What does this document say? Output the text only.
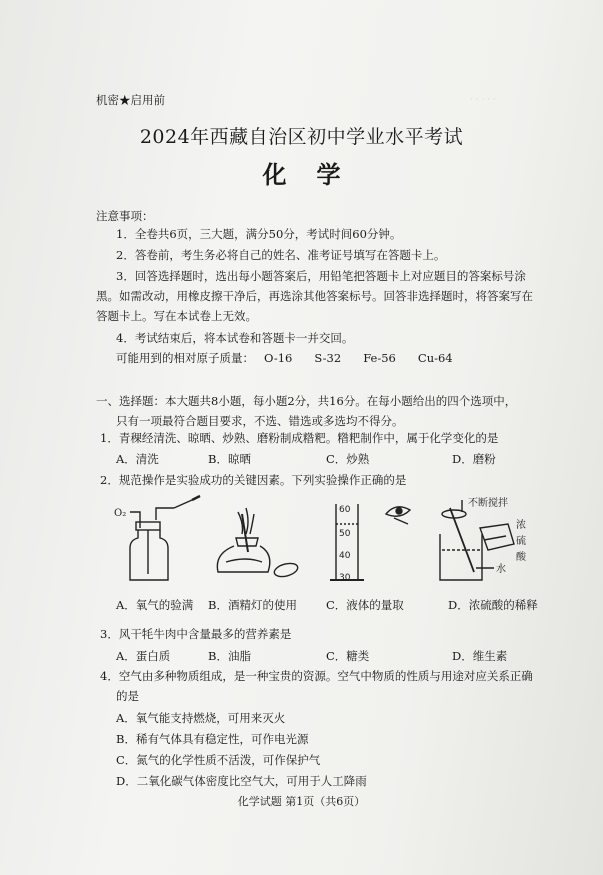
· · · · ·
机密★启用前
2024年西藏自治区初中学业水平考试
化学
注意事项：
1．全卷共6页，三大题，满分50分，考试时间60分钟。
2．答卷前，考生务必将自己的姓名、准考证号填写在答题卡上。
3．回答选择题时，选出每小题答案后，用铅笔把答题卡上对应题目的答案标号涂
黑。如需改动，用橡皮擦干净后，再选涂其他答案标号。回答非选择题时，将答案写在
答题卡上。写在本试卷上无效。
4．考试结束后，将本试卷和答题卡一并交回。
可能用到的相对原子质量： O-16 S-32 Fe-56 Cu-64
一、选择题：本大题共8小题，每小题2分，共16分。在每小题给出的四个选项中，
只有一项最符合题目要求，不选、错选或多选均不得分。
1．青稞经清洗、晾晒、炒熟、磨粉制成糌粑。糌粑制作中，属于化学变化的是
A．清洗	B．晾晒	C．炒熟	D．磨粉
2．规范操作是实验成功的关键因素。下列实验操作正确的是
O₂	60
50
40
30
不断搅拌
浓
硫
酸
水
A．氧气的验满 B．酒精灯的使用	C．液体的量取	D．浓硫酸的稀释
3．风干牦牛肉中含量最多的营养素是
A．蛋白质	B．油脂	C．糖类	D．维生素
4．空气由多种物质组成，是一种宝贵的资源。空气中物质的性质与用途对应关系正确
的是
A．氧气能支持燃烧，可用来灭火
B．稀有气体具有稳定性，可作电光源
C．氮气的化学性质不活泼，可作保护气
D．二氧化碳气体密度比空气大，可用于人工降雨
化学试题 第1页（共6页）
